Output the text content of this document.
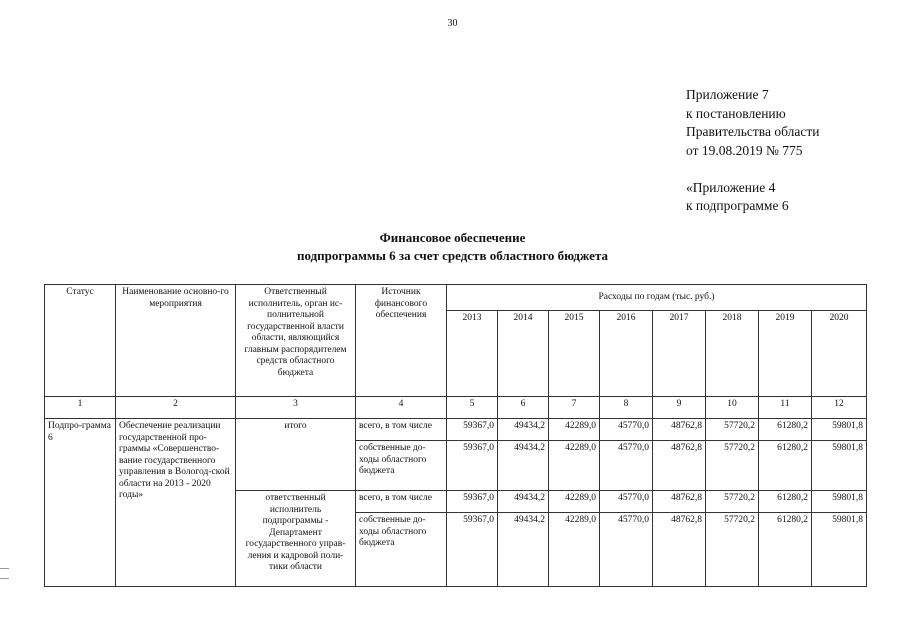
30
Приложение 7
к постановлению
Правительства области
от 19.08.2019 № 775
«Приложение 4
к подпрограмме 6
Финансовое обеспечение
подпрограммы 6 за счет средств областного бюджета
Статус	Наименование основно-го мероприятия	Ответственный исполнитель, орган ис-полнительной государственной власти области, являющийся главным распорядителем средств областного бюджета	Источник финансового обеспечения	Расходы по годам (тыс. руб.)							
				2013	2014	2015	2016	2017	2018	2019	2020
1	2	3	4	5	6	7	8	9	10	11	12
Подпро-грамма 6	Обеспечение реализации государственной про-граммы «Совершенство-вание государственного управления в Вологод-ской области на 2013 - 2020 годы»	итого	всего, в том числе	59367,0	49434,2	42289,0	45770,0	48762,8	57720,2	61280,2	59801,8
			собственные до-ходы областного бюджета	59367,0	49434,2	42289,0	45770,0	48762,8	57720,2	61280,2	59801,8
		ответственный исполнитель подпрограммы - Департамент государственного управ-ления и кадровой поли-тики области	всего, в том числе	59367,0	49434,2	42289,0	45770,0	48762,8	57720,2	61280,2	59801,8
			собственные до-ходы областного бюджета	59367,0	49434,2	42289,0	45770,0	48762,8	57720,2	61280,2	59801,8
